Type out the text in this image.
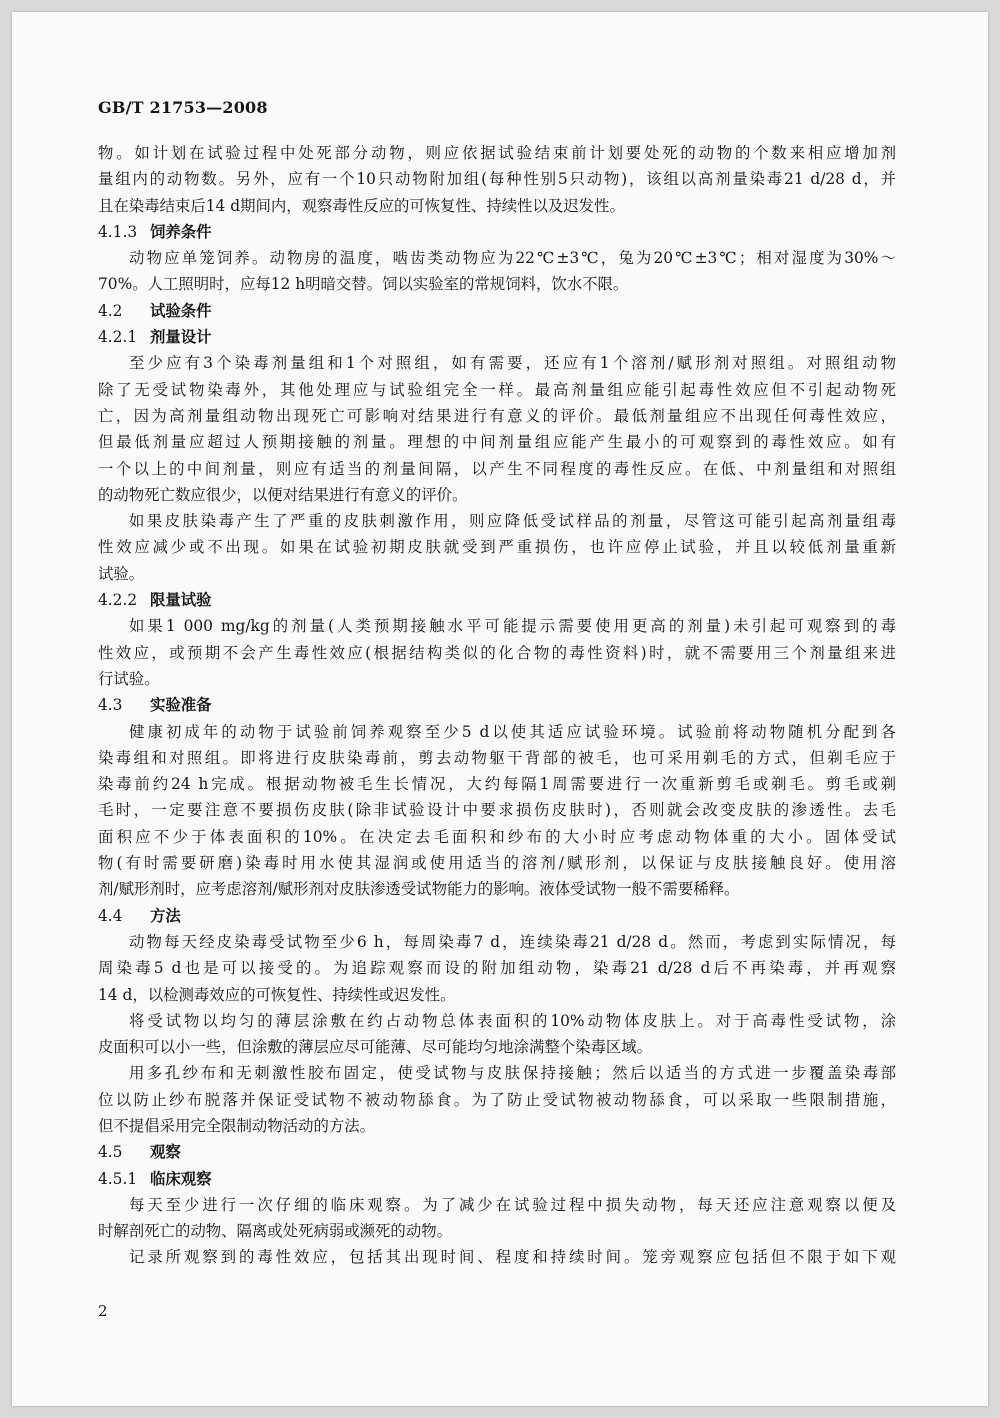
GB/T 21753—2008
物。如计划在试验过程中处死部分动物，则应依据试验结束前计划要处死的动物的个数来相应增加剂
量组内的动物数。另外，应有一个10只动物附加组(每种性别5只动物)，该组以高剂量染毒21 d/28 d，并
且在染毒结束后14 d期间内，观察毒性反应的可恢复性、持续性以及迟发性。
4.1.3 饲养条件
动物应单笼饲养。动物房的温度，啮齿类动物应为22℃±3℃，兔为20℃±3℃；相对湿度为30%～
70%。人工照明时，应每12 h明暗交替。饲以实验室的常规饲料，饮水不限。
4.2 试验条件
4.2.1 剂量设计
至少应有3个染毒剂量组和1个对照组，如有需要，还应有1个溶剂/赋形剂对照组。对照组动物
除了无受试物染毒外，其他处理应与试验组完全一样。最高剂量组应能引起毒性效应但不引起动物死
亡，因为高剂量组动物出现死亡可影响对结果进行有意义的评价。最低剂量组应不出现任何毒性效应，
但最低剂量应超过人预期接触的剂量。理想的中间剂量组应能产生最小的可观察到的毒性效应。如有
一个以上的中间剂量，则应有适当的剂量间隔，以产生不同程度的毒性反应。在低、中剂量组和对照组
的动物死亡数应很少，以便对结果进行有意义的评价。
如果皮肤染毒产生了严重的皮肤刺激作用，则应降低受试样品的剂量，尽管这可能引起高剂量组毒
性效应减少或不出现。如果在试验初期皮肤就受到严重损伤，也许应停止试验，并且以较低剂量重新
试验。
4.2.2 限量试验
如果1 000 mg/kg的剂量(人类预期接触水平可能提示需要使用更高的剂量)未引起可观察到的毒
性效应，或预期不会产生毒性效应(根据结构类似的化合物的毒性资料)时，就不需要用三个剂量组来进
行试验。
4.3 实验准备
健康初成年的动物于试验前饲养观察至少5 d以使其适应试验环境。试验前将动物随机分配到各
染毒组和对照组。即将进行皮肤染毒前，剪去动物躯干背部的被毛，也可采用剃毛的方式，但剃毛应于
染毒前约24 h完成。根据动物被毛生长情况，大约每隔1周需要进行一次重新剪毛或剃毛。剪毛或剃
毛时，一定要注意不要损伤皮肤(除非试验设计中要求损伤皮肤时)，否则就会改变皮肤的渗透性。去毛
面积应不少于体表面积的10%。在决定去毛面积和纱布的大小时应考虑动物体重的大小。固体受试
物(有时需要研磨)染毒时用水使其湿润或使用适当的溶剂/赋形剂，以保证与皮肤接触良好。使用溶
剂/赋形剂时，应考虑溶剂/赋形剂对皮肤渗透受试物能力的影响。液体受试物一般不需要稀释。
4.4 方法
动物每天经皮染毒受试物至少6 h，每周染毒7 d，连续染毒21 d/28 d。然而，考虑到实际情况，每
周染毒5 d也是可以接受的。为追踪观察而设的附加组动物，染毒21 d/28 d后不再染毒，并再观察
14 d，以检测毒效应的可恢复性、持续性或迟发性。
将受试物以均匀的薄层涂敷在约占动物总体表面积的10%动物体皮肤上。对于高毒性受试物，涂
皮面积可以小一些，但涂敷的薄层应尽可能薄、尽可能均匀地涂满整个染毒区域。
用多孔纱布和无刺激性胶布固定，使受试物与皮肤保持接触；然后以适当的方式进一步覆盖染毒部
位以防止纱布脱落并保证受试物不被动物舔食。为了防止受试物被动物舔食，可以采取一些限制措施，
但不提倡采用完全限制动物活动的方法。
4.5 观察
4.5.1 临床观察
每天至少进行一次仔细的临床观察。为了减少在试验过程中损失动物，每天还应注意观察以便及
时解剖死亡的动物、隔离或处死病弱或濒死的动物。
记录所观察到的毒性效应，包括其出现时间、程度和持续时间。笼旁观察应包括但不限于如下观
2
